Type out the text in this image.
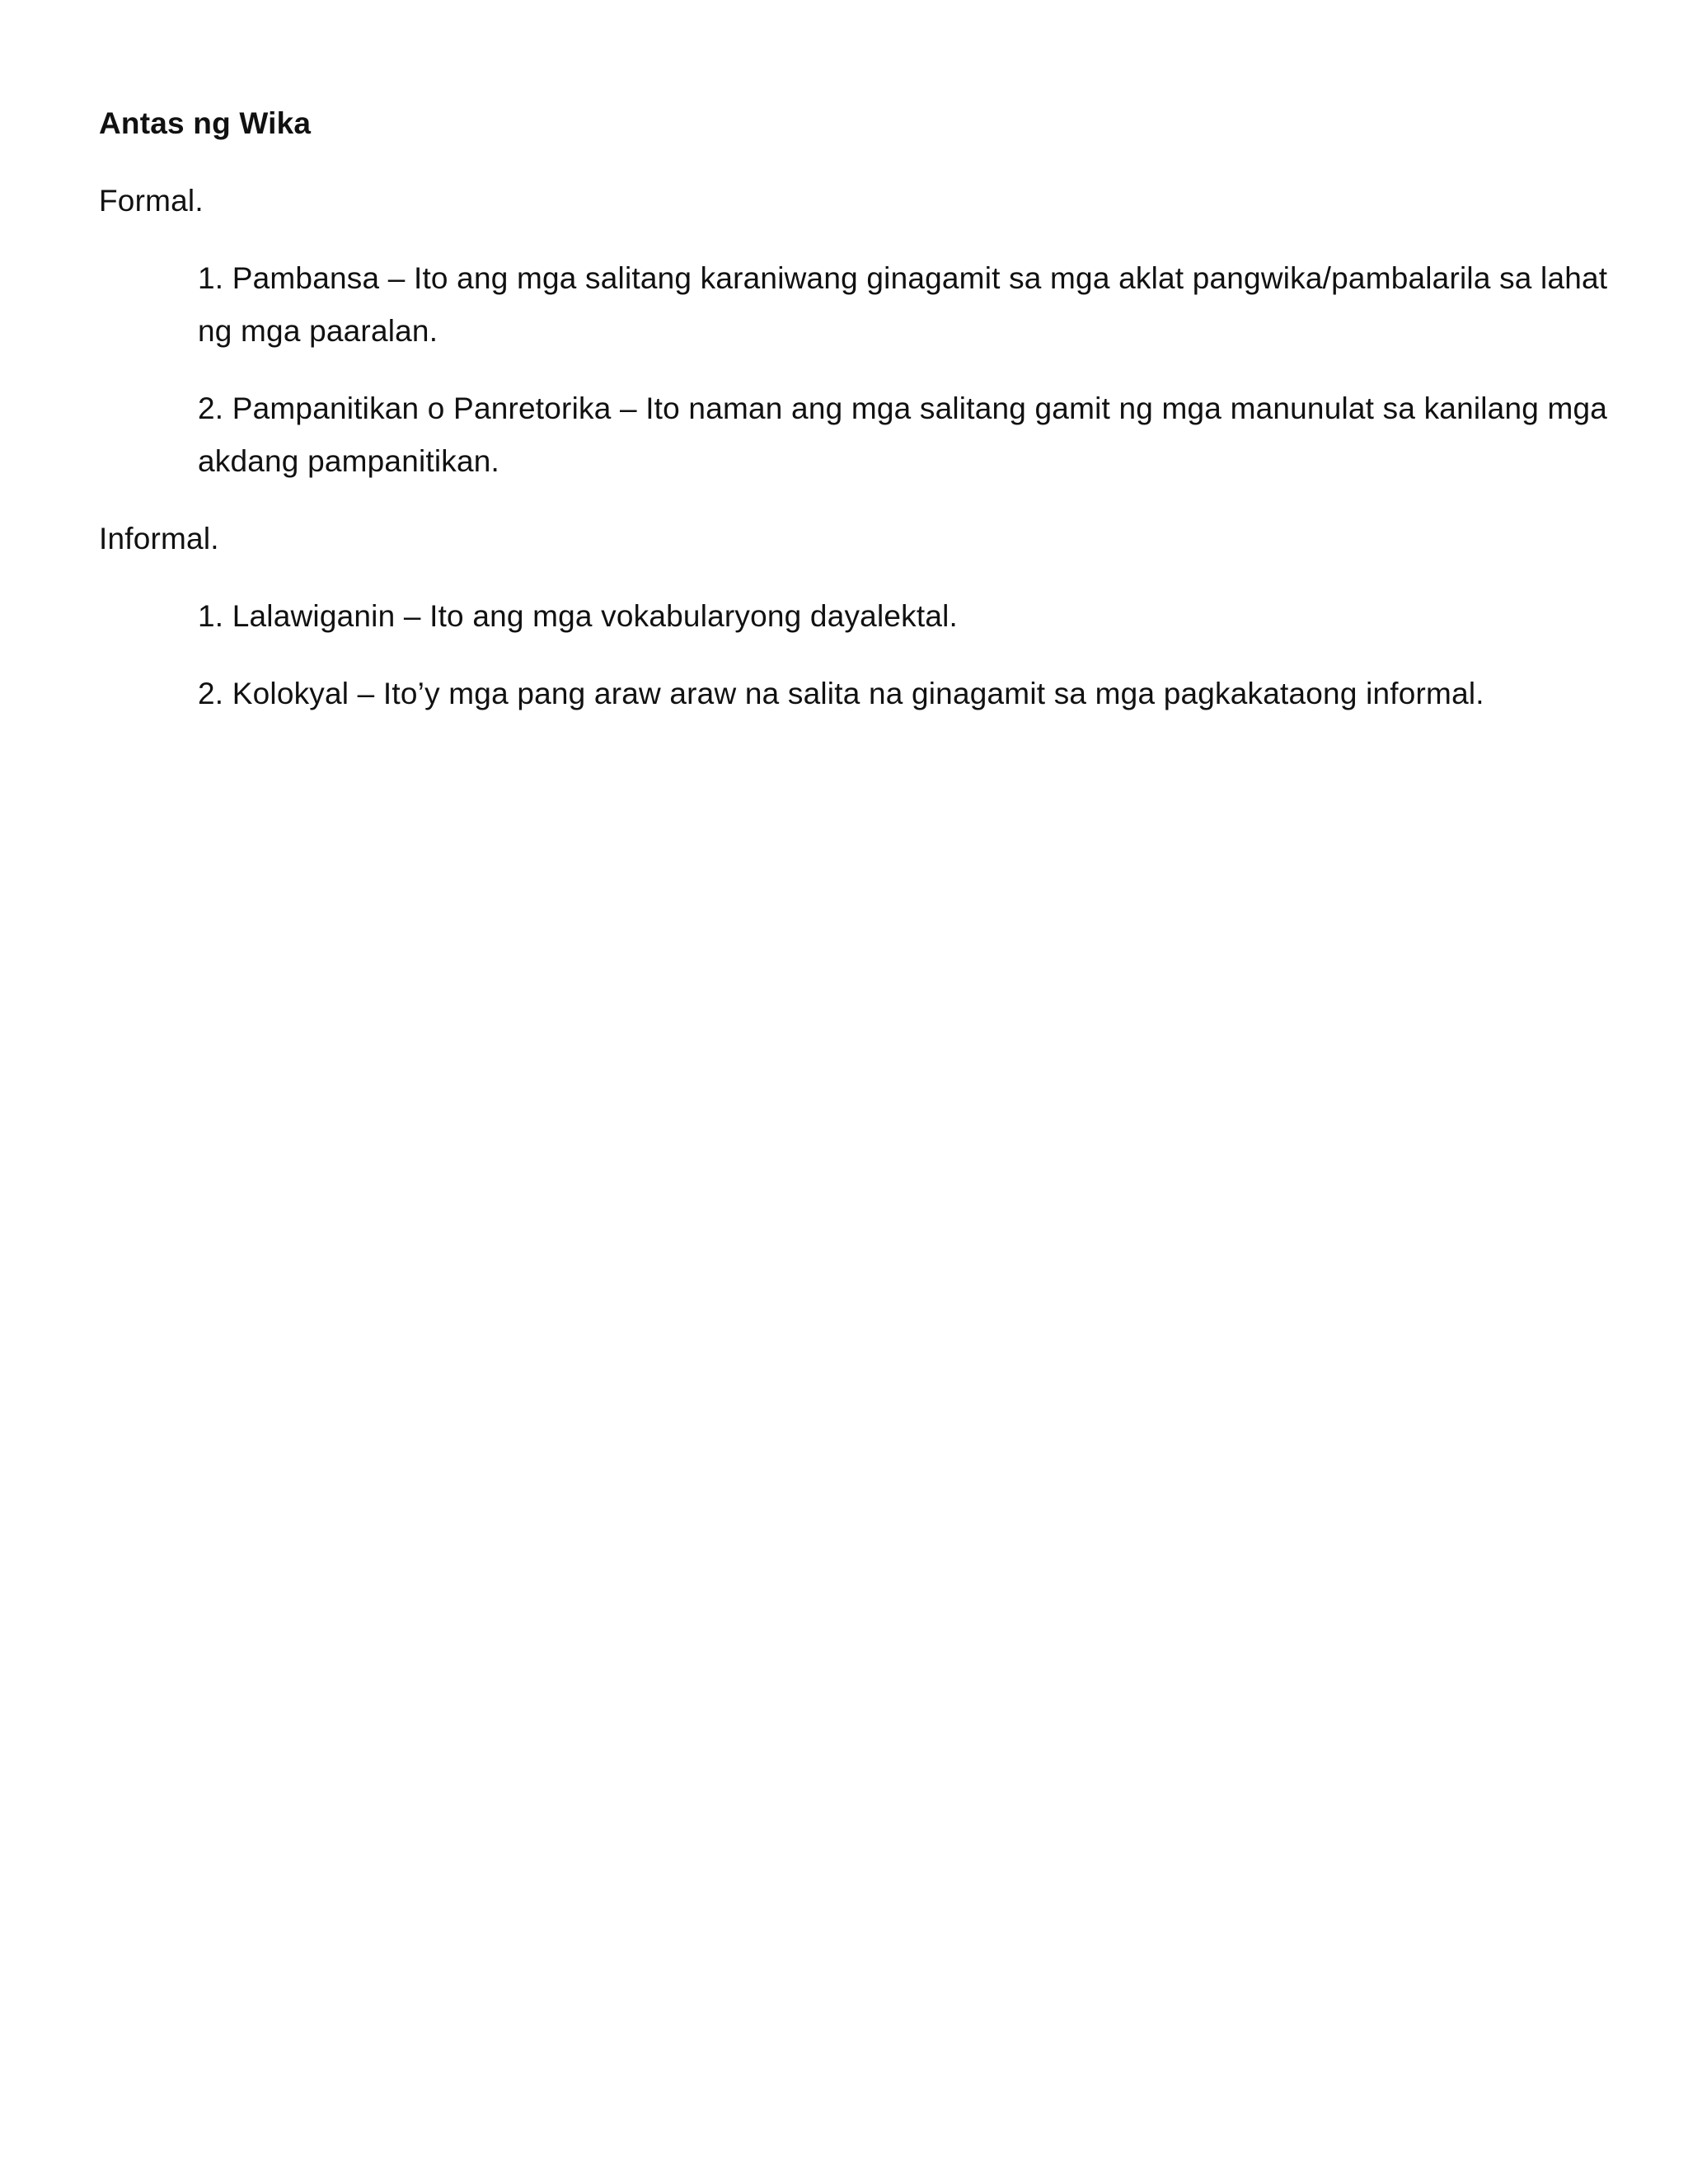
Antas ng Wika
Formal.
1. Pambansa – Ito ang mga salitang karaniwang ginagamit sa mga aklat pangwika/pambalarila sa lahat ng mga paaralan.
2. Pampanitikan o Panretorika – Ito naman ang mga salitang gamit ng mga manunulat sa kanilang mga akdang pampanitikan.
Informal.
1. Lalawiganin – Ito ang mga vokabularyong dayalektal.
2. Kolokyal – Ito’y mga pang araw araw na salita na ginagamit sa mga pagkakataong informal.
